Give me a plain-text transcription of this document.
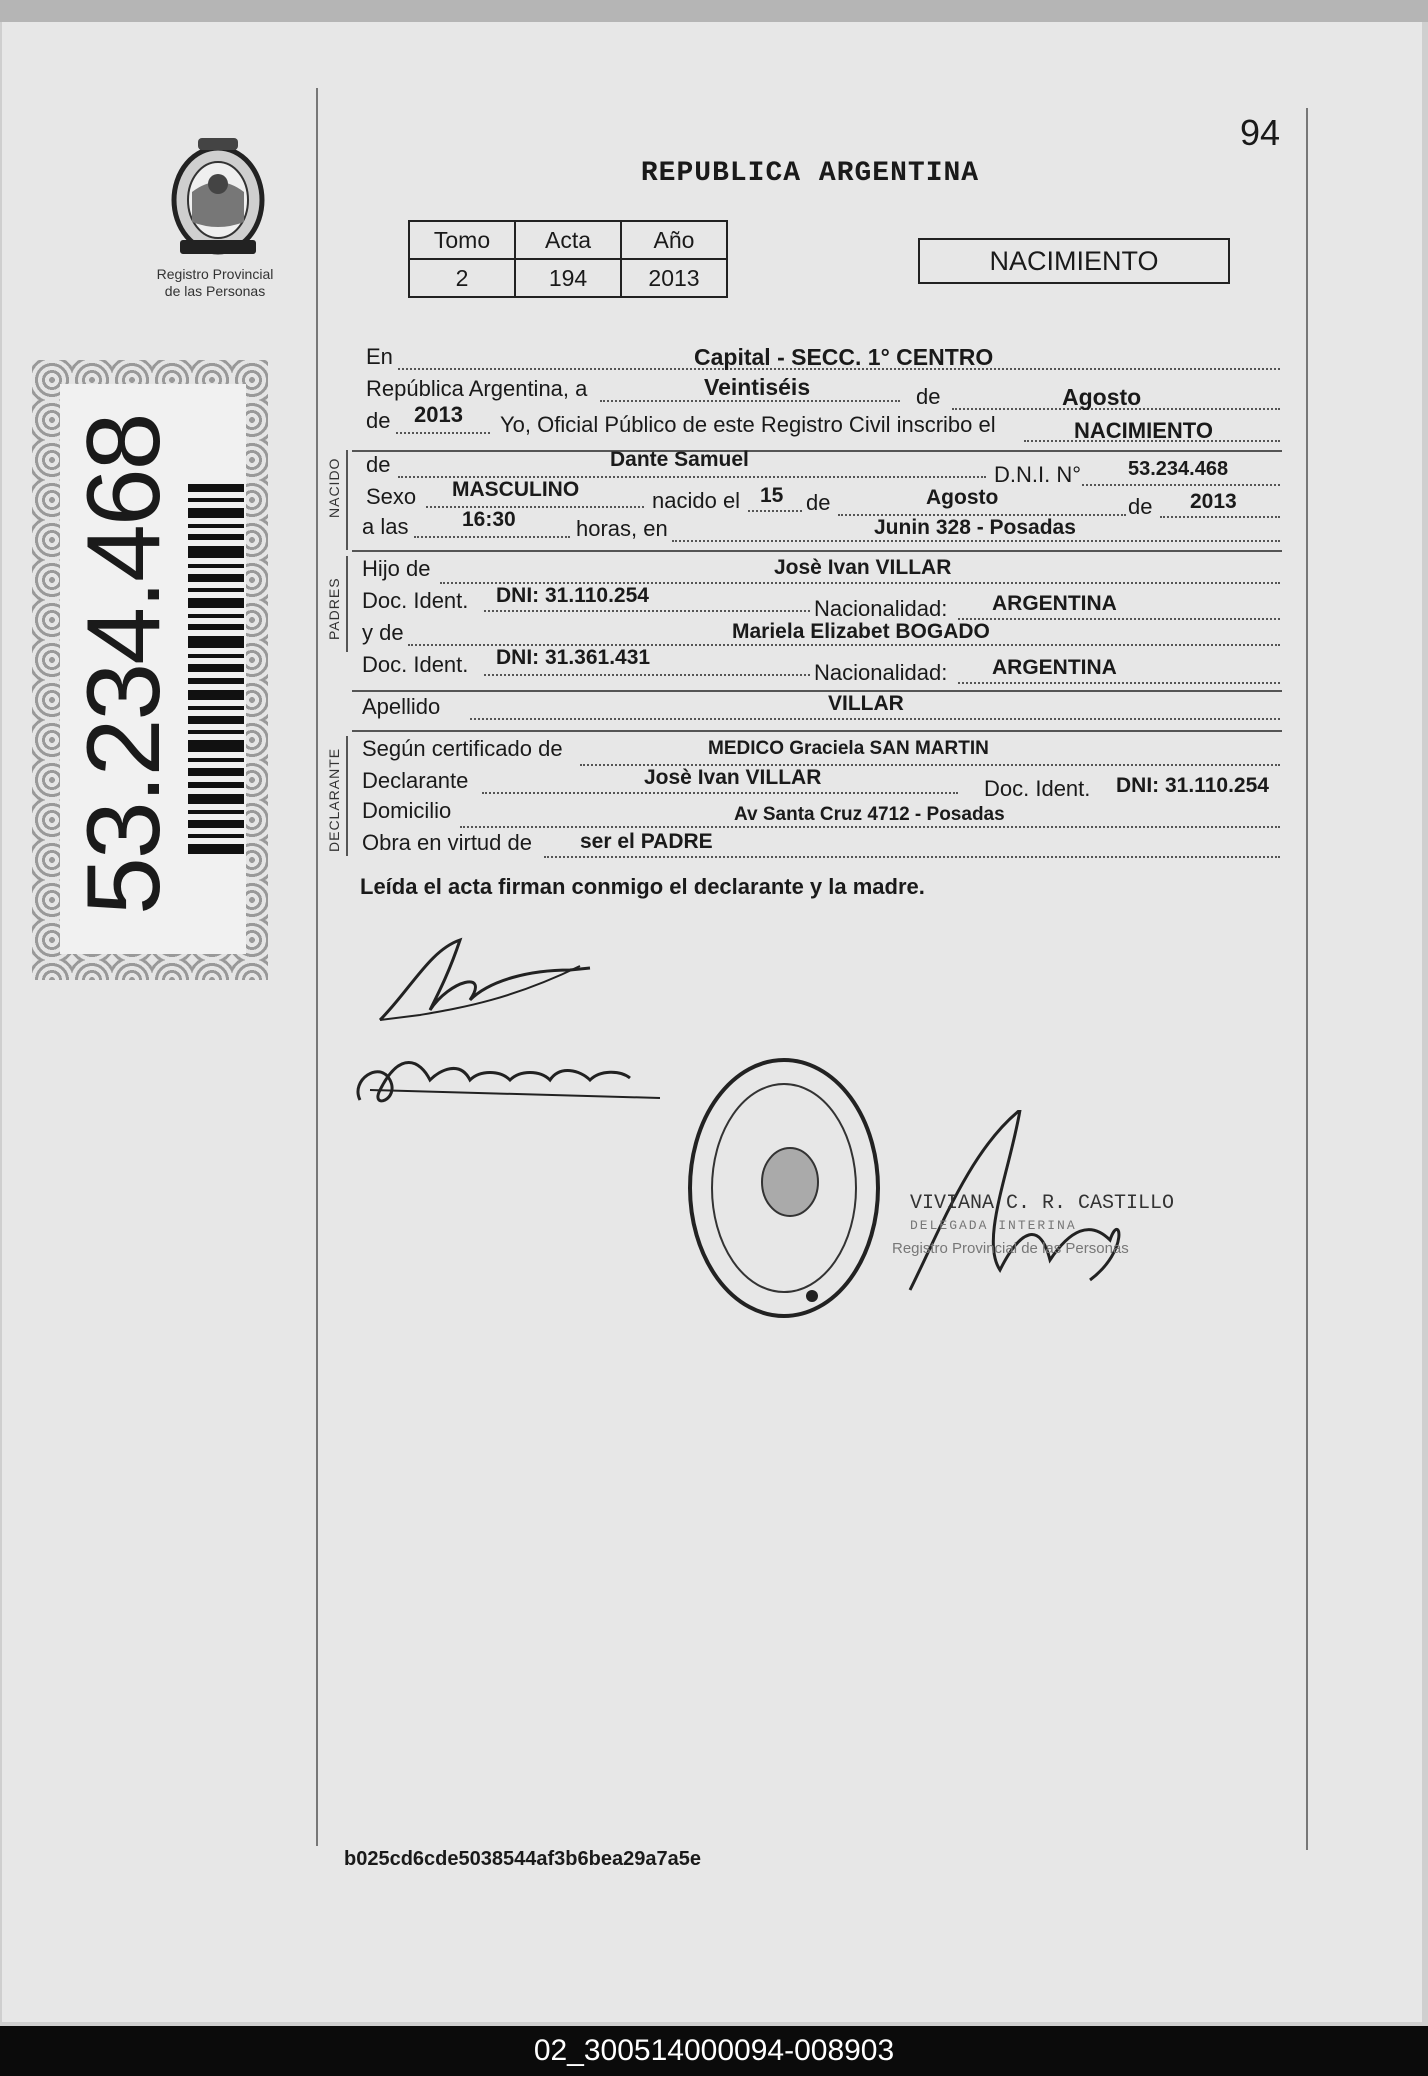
Registro Provincial
de las Personas
53.234.468
94
REPUBLICA ARGENTINA
Tomo	Acta	Año
2	194	2013
NACIMIENTO
NACIDO
PADRES
DECLARANTE
En	Capital - SECC. 1° CENTRO
República Argentina, a	Veintiséis	de	Agosto
de 2013 Yo, Oficial Público de este Registro Civil inscribo el	NACIMIENTO
de	Dante Samuel
D.N.I. N° 53.234.468
Sexo MASCULINO	nacido el 15 de	Agosto	de 2013
a las	16:30	horas, en	Junin 328 - Posadas
Hijo de	Josè Ivan VILLAR
Doc. Ident. DNI: 31.110.254
Nacionalidad: ARGENTINA
y de	Mariela Elizabet BOGADO
Doc. Ident. DNI: 31.361.431
Nacionalidad: ARGENTINA
Apellido	VILLAR
Según certificado de	MEDICO Graciela SAN MARTIN
Declarante	Josè Ivan VILLAR	Doc. Ident. DNI: 31.110.254
Domicilio	Av Santa Cruz 4712 - Posadas
Obra en virtud de ser el PADRE
Leída el acta firman conmigo el declarante y la madre.
VIVIANA C. R. CASTILLO
DELEGADA INTERINA
Registro Provincial de las Personas
b025cd6cde5038544af3b6bea29a7a5e
02_300514000094-008903
